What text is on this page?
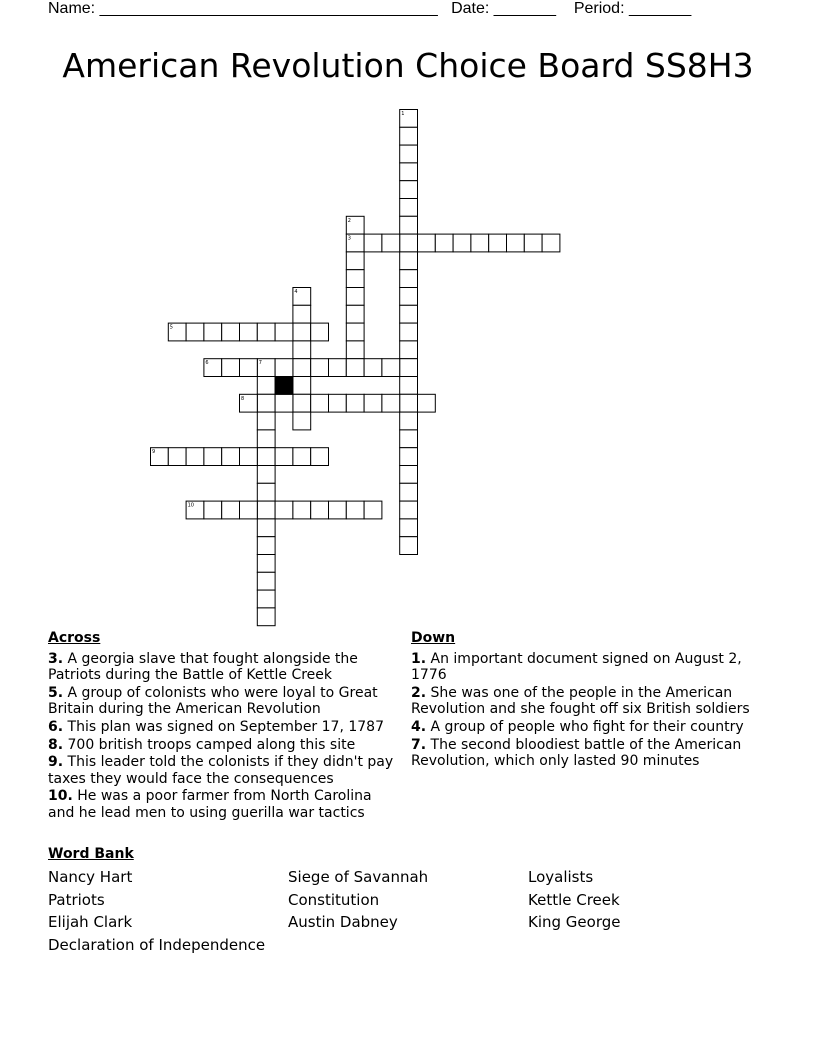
Name: ______________________________________ Date: _______ Period: _______
American Revolution Choice Board SS8H3
1
2
3
4
5
6	7
8
9
10
Across
3. A georgia slave that fought alongside the Patriots during the Battle of Kettle Creek
5. A group of colonists who were loyal to Great Britain during the American Revolution
6. This plan was signed on September 17, 1787
8. 700 british troops camped along this site
9. This leader told the colonists if they didn't pay taxes they would face the consequences
10. He was a poor farmer from North Carolina and he lead men to using guerilla war tactics
Down
1. An important document signed on August 2, 1776
2. She was one of the people in the American Revolution and she fought off six British soldiers
4. A group of people who fight for their country
7. The second bloodiest battle of the American Revolution, which only lasted 90 minutes
Word Bank
Nancy Hart	Siege of Savannah	Loyalists
Patriots	Constitution	Kettle Creek
Elijah Clark	Austin Dabney	King George
Declaration of Independence
